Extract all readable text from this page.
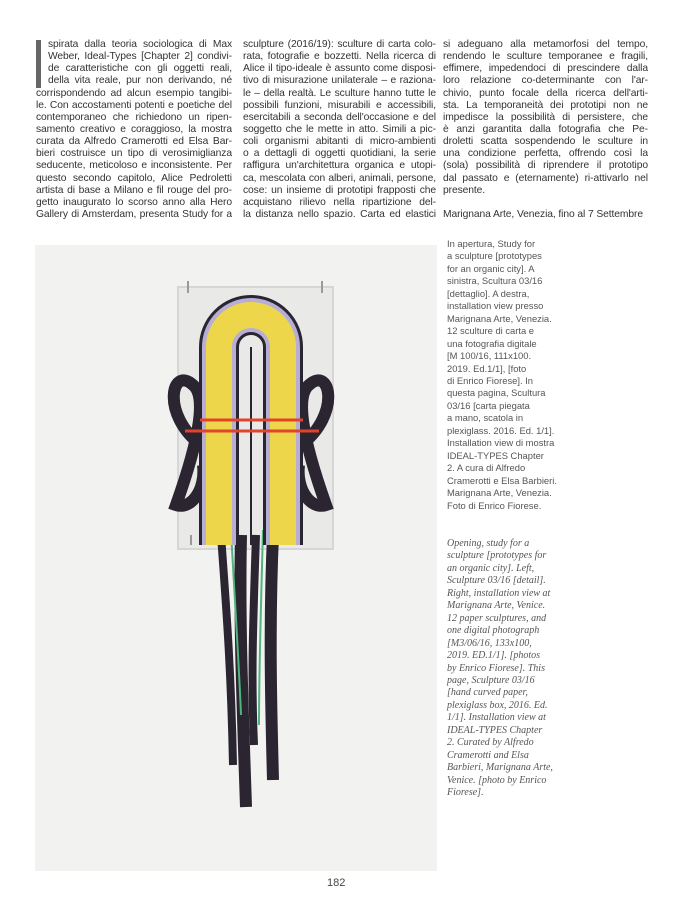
spirata dalla teoria sociologica di Max
Weber, Ideal-Types [Chapter 2] condivi-
de caratteristiche con gli oggetti reali,
della vita reale, pur non derivando, né
corrispondendo ad alcun esempio tangibi-
le. Con accostamenti potenti e poetiche del
contemporaneo che richiedono un ripen-
samento creativo e coraggioso, la mostra
curata da Alfredo Cramerotti ed Elsa Bar-
bieri costruisce un tipo di verosimiglianza
seducente, meticoloso e inconsistente. Per
questo secondo capitolo, Alice Pedroletti
artista di base a Milano e fil rouge del pro-
getto inaugurato lo scorso anno alla Hero
Gallery di Amsterdam, presenta Study for a
sculpture (2016/19): sculture di carta colo-
rata, fotografie e bozzetti. Nella ricerca di
Alice il tipo-ideale è assunto come disposi-
tivo di misurazione unilaterale – e raziona-
le – della realtà. Le sculture hanno tutte le
possibili funzioni, misurabili e accessibili,
esercitabili a seconda dell'occasione e del
soggetto che le mette in atto. Simili a pic-
coli organismi abitanti di micro-ambienti
o a dettagli di oggetti quotidiani, la serie
raffigura un'architettura organica e utopi-
ca, mescolata con alberi, animali, persone,
cose: un insieme di prototipi frapposti che
acquistano rilievo nella ripartizione del-
la distanza nello spazio. Carta ed elastici
si adeguano alla metamorfosi del tempo,
rendendo le sculture temporanee e fragili,
effimere, impedendoci di prescindere dalla
loro relazione co-determinante con l'ar-
chivio, punto focale della ricerca dell'arti-
sta. La temporaneità dei prototipi non ne
impedisce la possibilità di persistere, che
è anzi garantita dalla fotografia che Pe-
droletti scatta sospendendo le sculture in
una condizione perfetta, offrendo così la
(sola) possibilità di riprendere il prototipo
dal passato e (eternamente) ri-attivarlo nel
presente.
Marignana Arte, Venezia, fino al 7 Settembre
In apertura, Study for
a sculpture [prototypes
for an organic city]. A
sinistra, Scultura 03/16
[dettaglio]. A destra,
installation view presso
Marignana Arte, Venezia.
12 sculture di carta e
una fotografia digitale
[M 100/16, 111x100.
2019. Ed.1/1], [foto
di Enrico Fiorese]. In
questa pagina, Scultura
03/16 [carta piegata
a mano, scatola in
plexiglass. 2016. Ed. 1/1].
Installation view di mostra
IDEAL-TYPES Chapter
2. A cura di Alfredo
Cramerotti e Elsa Barbieri.
Marignana Arte, Venezia.
Foto di Enrico Fiorese.
Opening, study for a
sculpture [prototypes for
an organic city]. Left,
Sculpture 03/16 [detail].
Right, installation view at
Marignana Arte, Venice.
12 paper sculptures, and
one digital photograph
[M3/06/16, 133x100,
2019. ED.1/1]. [photos
by Enrico Fiorese]. This
page, Sculpture 03/16
[hand curved paper,
plexiglass box, 2016. Ed.
1/1]. Installation view at
IDEAL-TYPES Chapter
2. Curated by Alfredo
Cramerotti and Elsa
Barbieri, Marignana Arte,
Venice. [photo by Enrico
Fiorese].
182
